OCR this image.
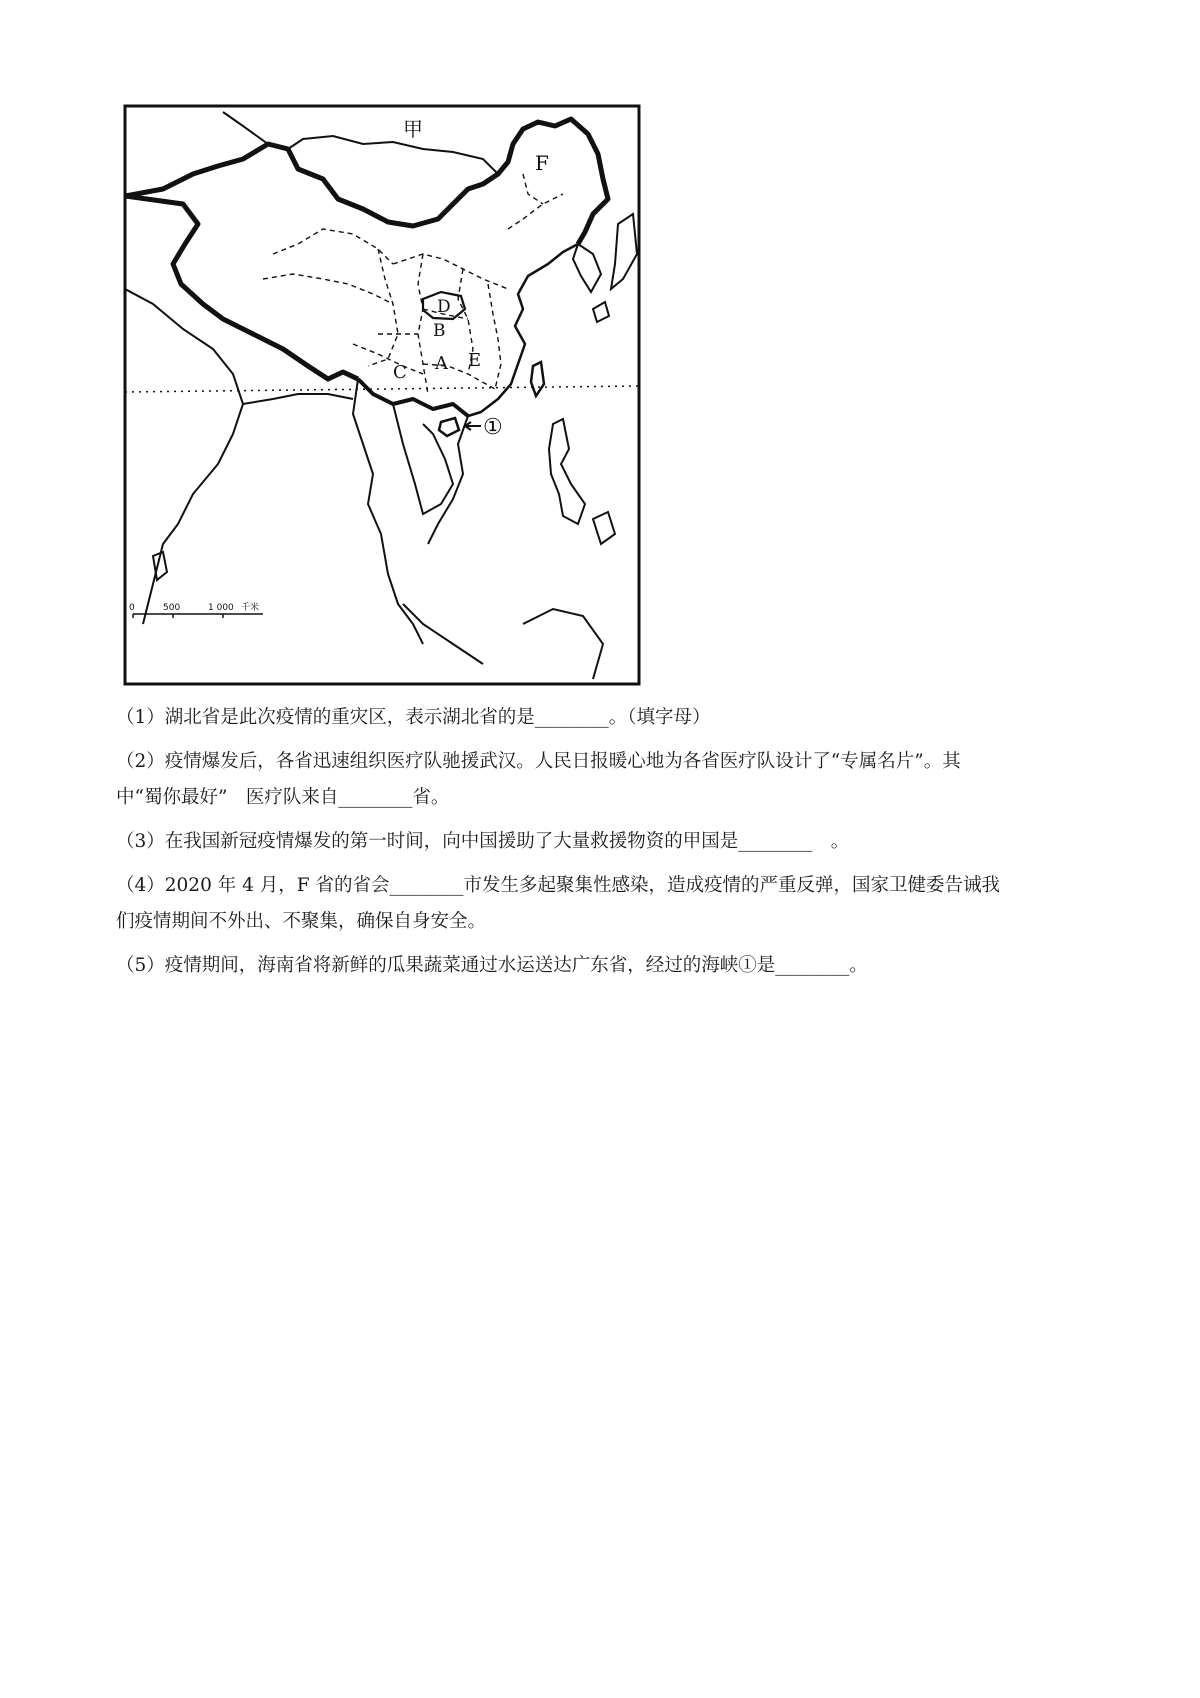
甲
F
D
B
A E
C
①
0	500	1 000 千米

（1）湖北省是此次疫情的重灾区，表示湖北省的是________。（填字母）

（2）疫情爆发后，各省迅速组织医疗队驰援武汉。人民日报暖心地为各省医疗队设计了“专属名片”。其
中“蜀你最好”　医疗队来自________省。

（3）在我国新冠疫情爆发的第一时间，向中国援助了大量救援物资的甲国是________　。

（4）2020 年 4 月，F 省的省会________市发生多起聚集性感染，造成疫情的严重反弹，国家卫健委告诫我
们疫情期间不外出、不聚集，确保自身安全。

（5）疫情期间，海南省将新鲜的瓜果蔬菜通过水运送达广东省，经过的海峡①是________。
